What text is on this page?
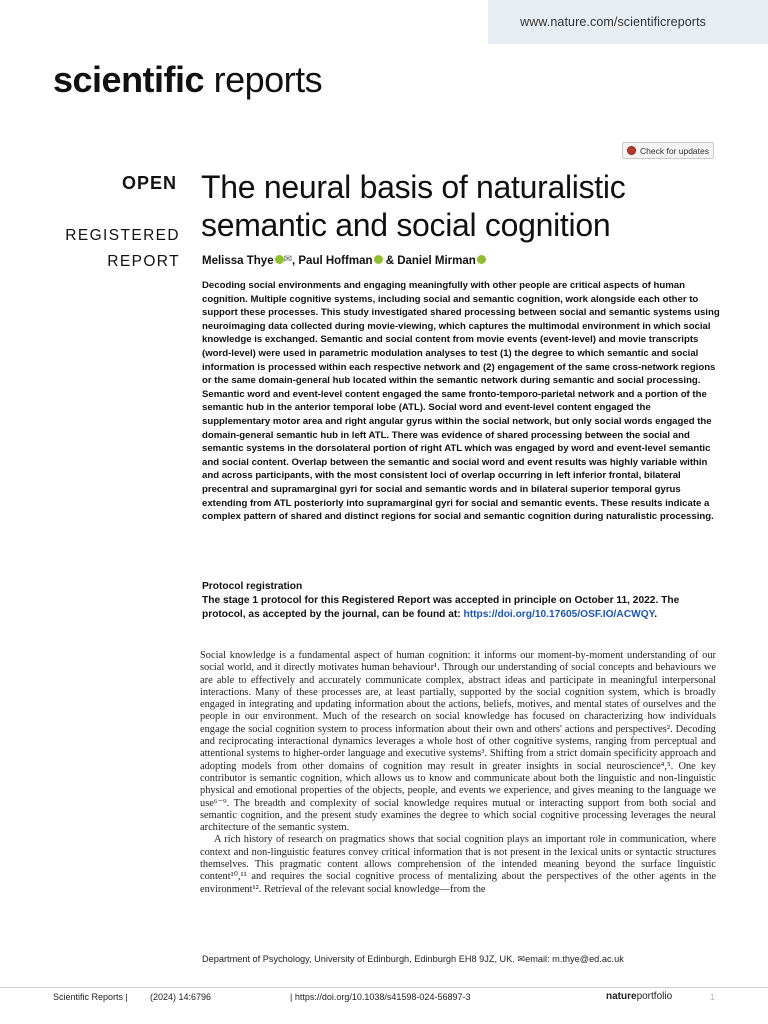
www.nature.com/scientificreports
scientific reports
Check for updates
OPEN
REGISTERED
REPORT
The neural basis of naturalistic semantic and social cognition
Melissa Thye ✉, Paul Hoffman & Daniel Mirman

Decoding social environments and engaging meaningfully with other people are critical aspects of human cognition. Multiple cognitive systems, including social and semantic cognition, work alongside each other to support these processes. This study investigated shared processing between social and semantic systems using neuroimaging data collected during movie-viewing, which captures the multimodal environment in which social knowledge is exchanged. Semantic and social content from movie events (event-level) and movie transcripts (word-level) were used in parametric modulation analyses to test (1) the degree to which semantic and social information is processed within each respective network and (2) engagement of the same cross-network regions or the same domain-general hub located within the semantic network during semantic and social processing. Semantic word and event-level content engaged the same fronto-temporo-parietal network and a portion of the semantic hub in the anterior temporal lobe (ATL). Social word and event-level content engaged the supplementary motor area and right angular gyrus within the social network, but only social words engaged the domain-general semantic hub in left ATL. There was evidence of shared processing between the social and semantic systems in the dorsolateral portion of right ATL which was engaged by word and event-level semantic and social content. Overlap between the semantic and social word and event results was highly variable within and across participants, with the most consistent loci of overlap occurring in left inferior frontal, bilateral precentral and supramarginal gyri for social and semantic words and in bilateral superior temporal gyrus extending from ATL posteriorly into supramarginal gyri for social and semantic events. These results indicate a complex pattern of shared and distinct regions for social and semantic cognition during naturalistic processing.

Protocol registration
The stage 1 protocol for this Registered Report was accepted in principle on October 11, 2022. The protocol, as accepted by the journal, can be found at: https://doi.org/10.17605/OSF.IO/ACWQY.

Social knowledge is a fundamental aspect of human cognition: it informs our moment-by-moment understanding of our social world, and it directly motivates human behaviour¹. Through our understanding of social concepts and behaviours we are able to effectively and accurately communicate complex, abstract ideas and participate in meaningful interpersonal interactions. Many of these processes are, at least partially, supported by the social cognition system, which is broadly engaged in integrating and updating information about the actions, beliefs, motives, and mental states of ourselves and the people in our environment. Much of the research on social knowledge has focused on characterizing how individuals engage the social cognition system to process information about their own and others' actions and perspectives². Decoding and reciprocating interactional dynamics leverages a whole host of other cognitive systems, ranging from perceptual and attentional systems to higher-order language and executive systems³. Shifting from a strict domain specificity approach and adopting models from other domains of cognition may result in greater insights in social neuroscience⁴,⁵. One key contributor is semantic cognition, which allows us to know and communicate about both the linguistic and non-linguistic physical and emotional properties of the objects, people, and events we experience, and gives meaning to the language we use⁶⁻⁹. The breadth and complexity of social knowledge requires mutual or interacting support from both social and semantic cognition, and the present study examines the degree to which social cognitive processing leverages the neural architecture of the semantic system.

A rich history of research on pragmatics shows that social cognition plays an important role in communication, where context and non-linguistic features convey critical information that is not present in the lexical units or syntactic structures themselves. This pragmatic content allows comprehension of the intended meaning beyond the surface linguistic content¹⁰,¹¹ and requires the social cognitive process of mentalizing about the perspectives of the other agents in the environment¹². Retrieval of the relevant social knowledge—from the

Department of Psychology, University of Edinburgh, Edinburgh EH8 9JZ, UK. ✉email: m.thye@ed.ac.uk
Scientific Reports | (2024) 14:6796	| https://doi.org/10.1038/s41598-024-56897-3	natureportfolio	1
